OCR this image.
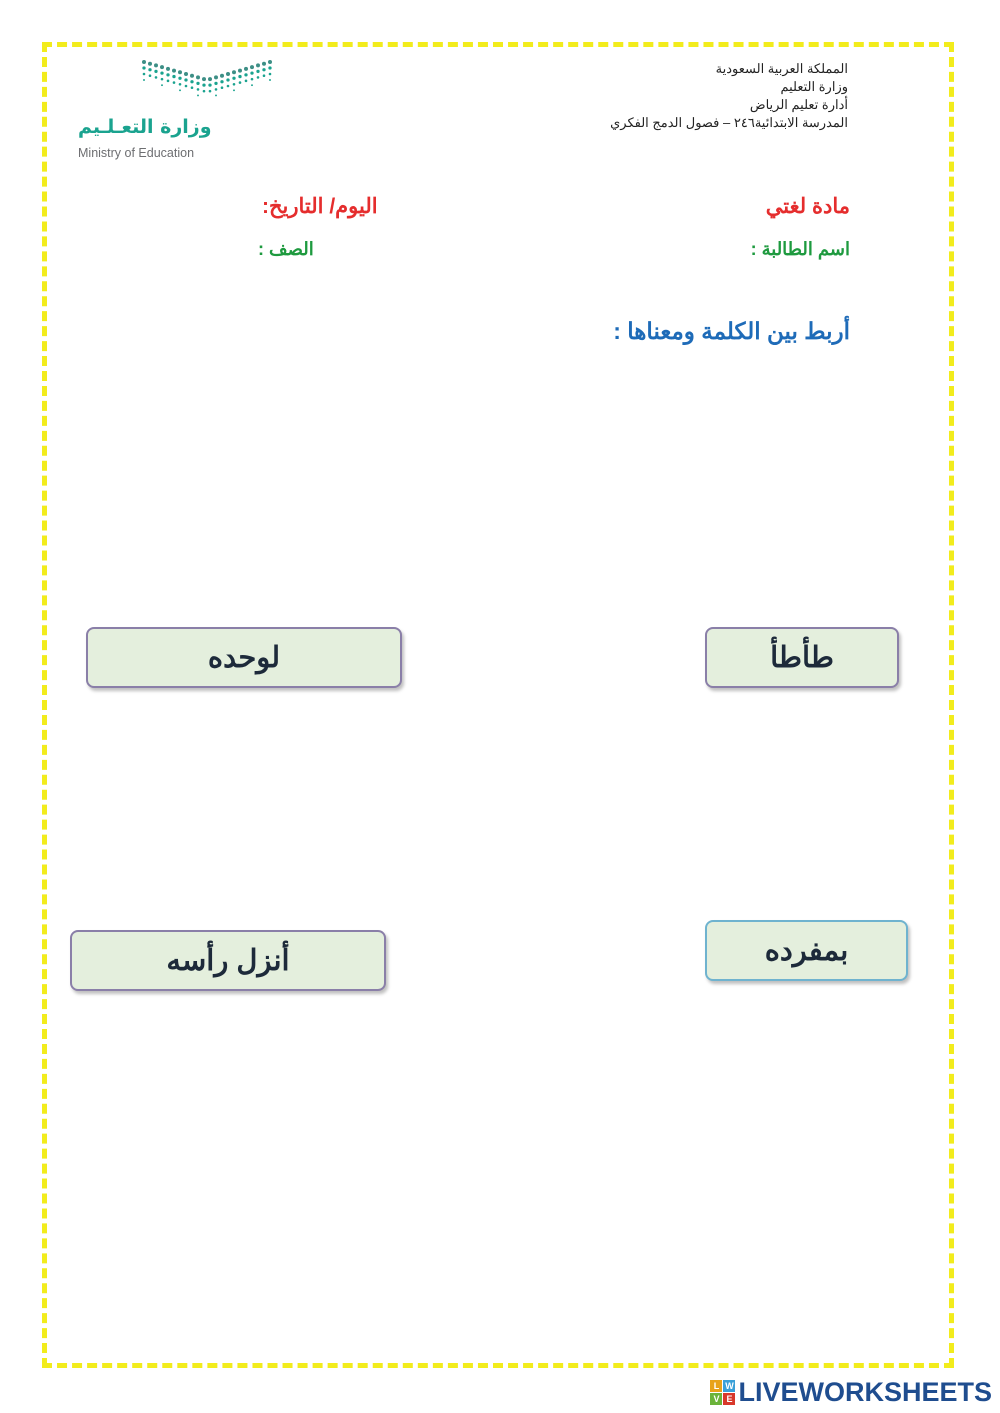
المملكة العربية السعودية
وزارة التعليم
أدارة تعليم الرياض
المدرسة الابتدائية٢٤٦ – فصول الدمج الفكري
وزارة التعـلـيم
Ministry of Education
مادة لغتي
اليوم/ التاريخ:
اسم الطالبة :
الصف :
أربط بين الكلمة ومعناها :
طأطأ
بمفرده
لوحده
أنزل رأسه
L W
V E LIVEWORKSHEETS
